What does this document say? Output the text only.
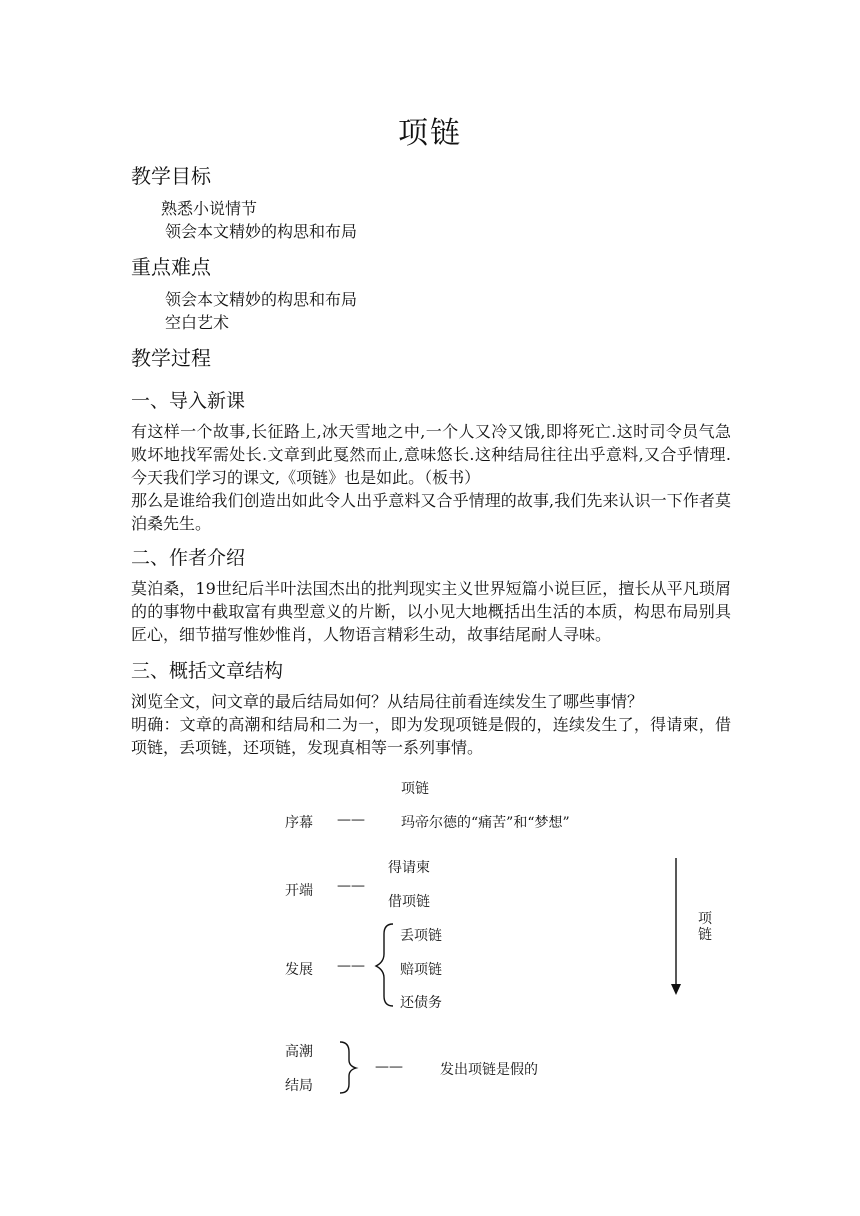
项链
教学目标
熟悉小说情节
领会本文精妙的构思和布局
重点难点
领会本文精妙的构思和布局
空白艺术
教学过程
一、导入新课

有这样一个故事,长征路上,冰天雪地之中,一个人又冷又饿,即将死亡.这时司令员气急败坏地找军需处长.文章到此戛然而止,意味悠长.这种结局往往出乎意料,又合乎情理.今天我们学习的课文,《项链》也是如此。（板书）

那么是谁给我们创造出如此令人出乎意料又合乎情理的故事,我们先来认识一下作者莫泊桑先生。

二、作者介绍

莫泊桑，19世纪后半叶法国杰出的批判现实主义世界短篇小说巨匠，擅长从平凡琐屑的的事物中截取富有典型意义的片断，以小见大地概括出生活的本质，构思布局别具匠心，细节描写惟妙惟肖，人物语言精彩生动，故事结尾耐人寻味。

三、概括文章结构

浏览全文，问文章的最后结局如何？从结局往前看连续发生了哪些事情？

明确：文章的高潮和结局和二为一，即为发现项链是假的，连续发生了，得请柬，借项链，丢项链，还项链，发现真相等一系列事情。

项链
序幕 ——	玛帝尔德的“痛苦”和“梦想”
开端 ——
得请柬
借项链
发展 ——
丢项链
赔项链
还债务
高潮
结局
——	发出项链是假的
项
链
